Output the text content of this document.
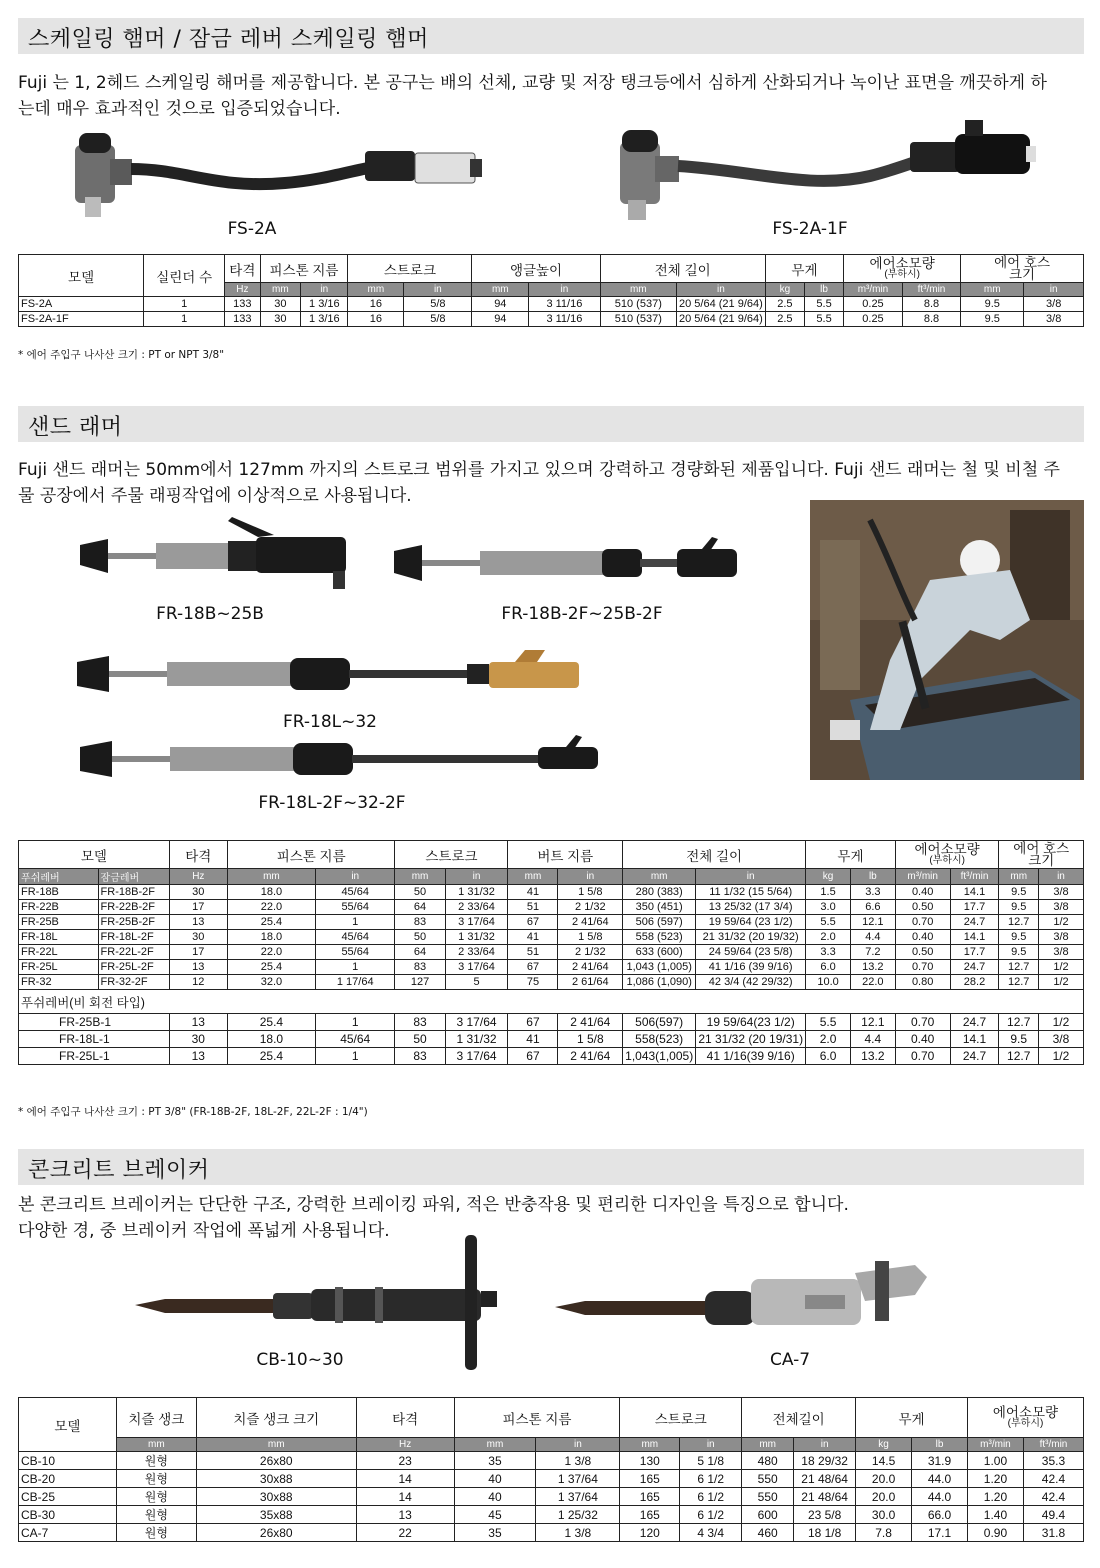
스케일링 햄머 / 잠금 레버 스케일링 햄머
Fuji 는 1, 2헤드 스케일링 해머를 제공합니다. 본 공구는 배의 선체, 교량 및 저장 탱크등에서 심하게 산화되거나 녹이난 표면을 깨끗하게 하
는데 매우 효과적인 것으로 입증되었습니다.
FS-2A	FS-2A-1F
모델	실린더 수	타격	피스톤 지름		스트로크		앵글높이		전체 길이		무게		에어소모량
(부하시)		에어 호스
크기	
		Hz	mm	in	mm	in	mm	in	mm	in	kg	lb	m³/min	ft³/min	mm	in
FS-2A	1	133	30	1 3/16	16	5/8	94	3 11/16	510 (537)	20 5/64 (21 9/64)	2.5	5.5	0.25	8.8	9.5	3/8
FS-2A-1F	1	133	30	1 3/16	16	5/8	94	3 11/16	510 (537)	20 5/64 (21 9/64)	2.5	5.5	0.25	8.8	9.5	3/8
* 에어 주입구 나사산 크기 : PT or NPT 3/8"
샌드 래머
Fuji 샌드 래머는 50mm에서 127mm 까지의 스트로크 범위를 가지고 있으며 강력하고 경량화된 제품입니다. Fuji 샌드 래머는 철 및 비철 주
물 공장에서 주물 래핑작업에 이상적으로 사용됩니다.
FR-18B~25B	FR-18B-2F~25B-2F
FR-18L~32
FR-18L-2F~32-2F
모델		타격	피스톤 지름		스트로크		버트 지름		전체 길이		무게		에어소모량
(부하시)		에어 호스
크기	
푸쉬레버	잠금레버	Hz	mm	in	mm	in	mm	in	mm	in	kg	lb	m³/min	ft³/min	mm	in
FR-18B	FR-18B-2F	30	18.0	45/64	50	1 31/32	41	1 5/8	280 (383)	11 1/32 (15 5/64)	1.5	3.3	0.40	14.1	9.5	3/8
FR-22B	FR-22B-2F	17	22.0	55/64	64	2 33/64	51	2 1/32	350 (451)	13 25/32 (17 3/4)	3.0	6.6	0.50	17.7	9.5	3/8
FR-25B	FR-25B-2F	13	25.4	1	83	3 17/64	67	2 41/64	506 (597)	19 59/64 (23 1/2)	5.5	12.1	0.70	24.7	12.7	1/2
FR-18L	FR-18L-2F	30	18.0	45/64	50	1 31/32	41	1 5/8	558 (523)	21 31/32 (20 19/32)	2.0	4.4	0.40	14.1	9.5	3/8
FR-22L	FR-22L-2F	17	22.0	55/64	64	2 33/64	51	2 1/32	633 (600)	24 59/64 (23 5/8)	3.3	7.2	0.50	17.7	9.5	3/8
FR-25L	FR-25L-2F	13	25.4	1	83	3 17/64	67	2 41/64	1,043 (1,005)	41 1/16 (39 9/16)	6.0	13.2	0.70	24.7	12.7	1/2
FR-32	FR-32-2F	12	32.0	1 17/64	127	5	75	2 61/64	1,086 (1,090)	42 3/4 (42 29/32)	10.0	22.0	0.80	28.2	12.7	1/2
푸쉬레버(비 회전 타입)																
FR-25B-1		13	25.4	1	83	3 17/64	67	2 41/64	506(597)	19 59/64(23 1/2)	5.5	12.1	0.70	24.7	12.7	1/2
FR-18L-1		30	18.0	45/64	50	1 31/32	41	1 5/8	558(523)	21 31/32 (20 19/31)	2.0	4.4	0.40	14.1	9.5	3/8
FR-25L-1		13	25.4	1	83	3 17/64	67	2 41/64	1,043(1,005)	41 1/16(39 9/16)	6.0	13.2	0.70	24.7	12.7	1/2
* 에어 주입구 나사산 크기 : PT 3/8" (FR-18B-2F, 18L-2F, 22L-2F : 1/4")
콘크리트 브레이커
본 콘크리트 브레이커는 단단한 구조, 강력한 브레이킹 파워, 적은 반충작용 및 편리한 디자인을 특징으로 합니다.
다양한 경, 중 브레이커 작업에 폭넓게 사용됩니다.
CB-10~30	CA-7
모델	치즐 생크	치즐 생크 크기	타격	피스톤 지름		스트로크		전체길이		무게		에어소모량
(부하시)	

	mm	mm	Hz	mm	in	mm	in	mm	in	kg	lb	m³/min	ft³/min
CB-10	원형	26x80	23	35	1 3/8	130	5 1/8	480	18 29/32	14.5	31.9	1.00	35.3
CB-20	원형	30x88	14	40	1 37/64	165	6 1/2	550	21 48/64	20.0	44.0	1.20	42.4
CB-25	원형	30x88	14	40	1 37/64	165	6 1/2	550	21 48/64	20.0	44.0	1.20	42.4
CB-30	원형	35x88	13	45	1 25/32	165	6 1/2	600	23 5/8	30.0	66.0	1.40	49.4
CA-7	원형	26x80	22	35	1 3/8	120	4 3/4	460	18 1/8	7.8	17.1	0.90	31.8
